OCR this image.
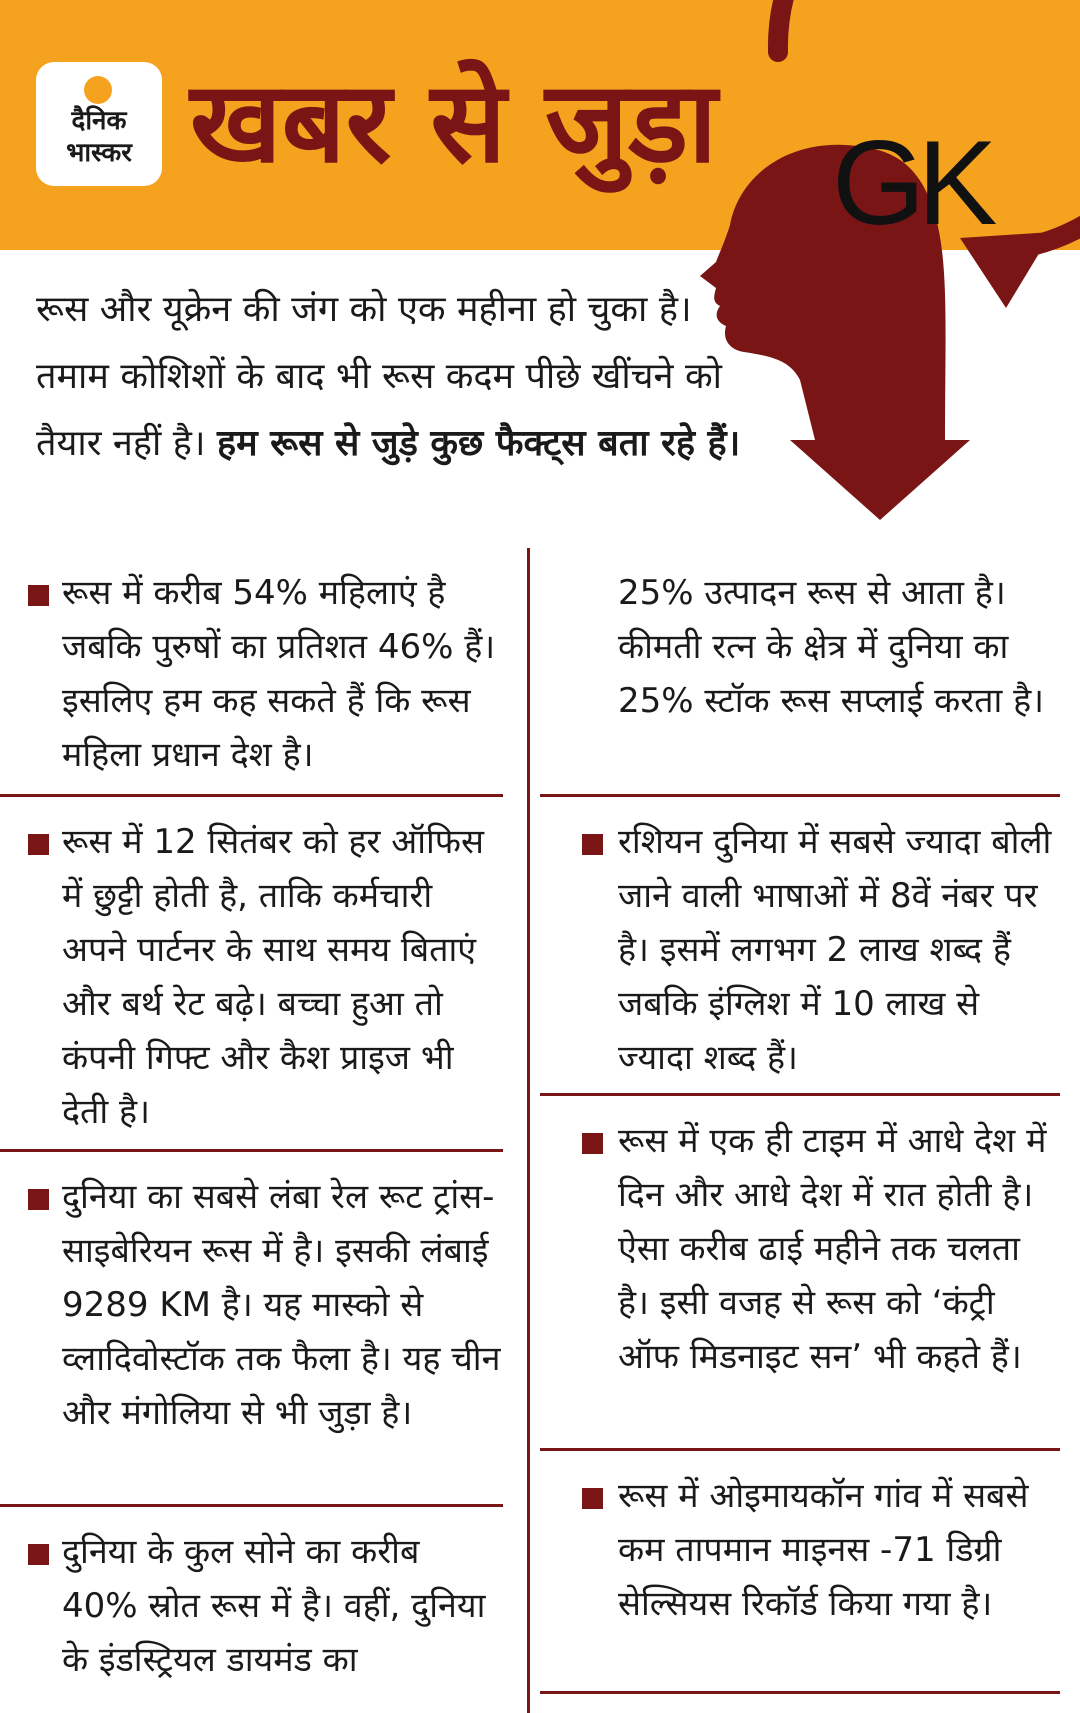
दैनिक
भास्कर खबर से जुड़ा GK
रूस और यूक्रेन की जंग को एक महीना हो चुका है। तमाम कोशिशों के बाद भी रूस कदम पीछे खींचने को तैयार नहीं है। हम रूस से जुड़े कुछ फैक्ट्स बता रहे हैं।
रूस में करीब 54% महिलाएं है जबकि पुरुषों का प्रतिशत 46% हैं। इसलिए हम कह सकते हैं कि रूस महिला प्रधान देश है।
रूस में 12 सितंबर को हर ऑफिस में छुट्टी होती है, ताकि कर्मचारी अपने पार्टनर के साथ समय बिताएं और बर्थ रेट बढ़े। बच्चा हुआ तो कंपनी गिफ्ट और कैश प्राइज भी देती है।
दुनिया का सबसे लंबा रेल रूट ट्रांस-साइबेरियन रूस में है। इसकी लंबाई 9289 KM है। यह मास्को से व्लादिवोस्टॉक तक फैला है। यह चीन और मंगोलिया से भी जुड़ा है।
दुनिया के कुल सोने का करीब 40% स्रोत रूस में है। वहीं, दुनिया के इंडस्ट्रियल डायमंड का
25% उत्पादन रूस से आता है। कीमती रत्न के क्षेत्र में दुनिया का 25% स्टॉक रूस सप्लाई करता है।
रशियन दुनिया में सबसे ज्यादा बोली जाने वाली भाषाओं में 8वें नंबर पर है। इसमें लगभग 2 लाख शब्द हैं जबकि इंग्लिश में 10 लाख से ज्यादा शब्द हैं।
रूस में एक ही टाइम में आधे देश में दिन और आधे देश में रात होती है। ऐसा करीब ढाई महीने तक चलता है। इसी वजह से रूस को ‘कंट्री ऑफ मिडनाइट सन’ भी कहते हैं।
रूस में ओइमायकॉन गांव में सबसे कम तापमान माइनस -71 डिग्री सेल्सियस रिकॉर्ड किया गया है।
